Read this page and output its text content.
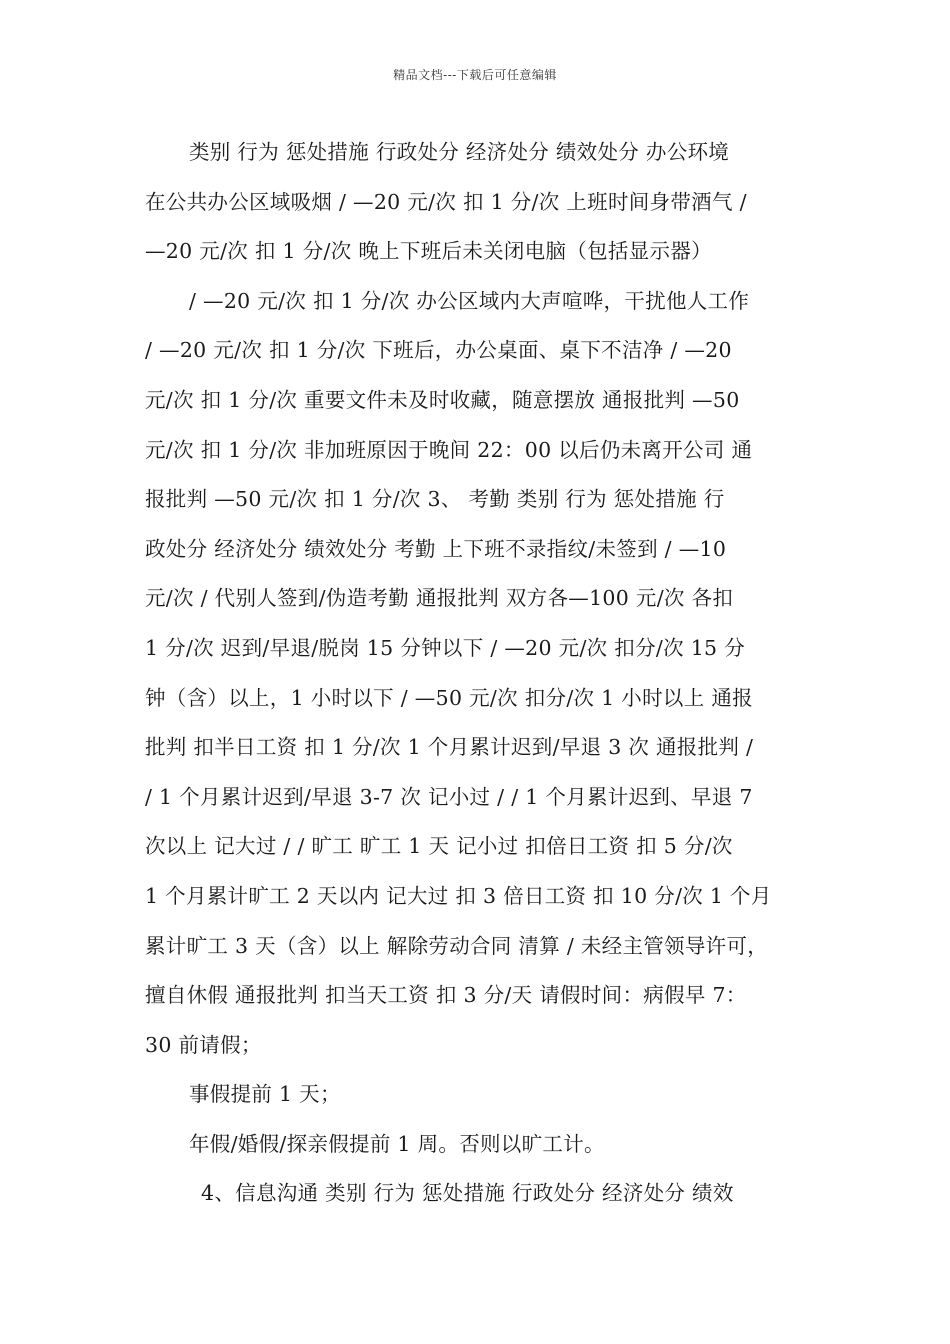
精品文档---下载后可任意编辑
类别 行为 惩处措施 行政处分 经济处分 绩效处分 办公环境
在公共办公区域吸烟 / —20 元/次 扣 1 分/次 上班时间身带酒气 /
—20 元/次 扣 1 分/次 晚上下班后未关闭电脑（包括显示器）
/ —20 元/次 扣 1 分/次 办公区域内大声喧哗，干扰他人工作
/ —20 元/次 扣 1 分/次 下班后，办公桌面、桌下不洁净 / —20
元/次 扣 1 分/次 重要文件未及时收藏，随意摆放 通报批判 —50
元/次 扣 1 分/次 非加班原因于晚间 22：00 以后仍未离开公司 通
报批判 —50 元/次 扣 1 分/次 3、 考勤 类别 行为 惩处措施 行
政处分 经济处分 绩效处分 考勤 上下班不录指纹/未签到 / —10
元/次 / 代别人签到/伪造考勤 通报批判 双方各—100 元/次 各扣
1 分/次 迟到/早退/脱岗 15 分钟以下 / —20 元/次 扣分/次 15 分
钟（含）以上，1 小时以下 / —50 元/次 扣分/次 1 小时以上 通报
批判 扣半日工资 扣 1 分/次 1 个月累计迟到/早退 3 次 通报批判 /
/ 1 个月累计迟到/早退 3-7 次 记小过 / / 1 个月累计迟到、早退 7
次以上 记大过 / / 旷工 旷工 1 天 记小过 扣倍日工资 扣 5 分/次
1 个月累计旷工 2 天以内 记大过 扣 3 倍日工资 扣 10 分/次 1 个月
累计旷工 3 天（含）以上 解除劳动合同 清算 / 未经主管领导许可，
擅自休假 通报批判 扣当天工资 扣 3 分/天 请假时间：病假早 7：
30 前请假；
事假提前 1 天；
年假/婚假/探亲假提前 1 周。否则以旷工计。
4、信息沟通 类别 行为 惩处措施 行政处分 经济处分 绩效
